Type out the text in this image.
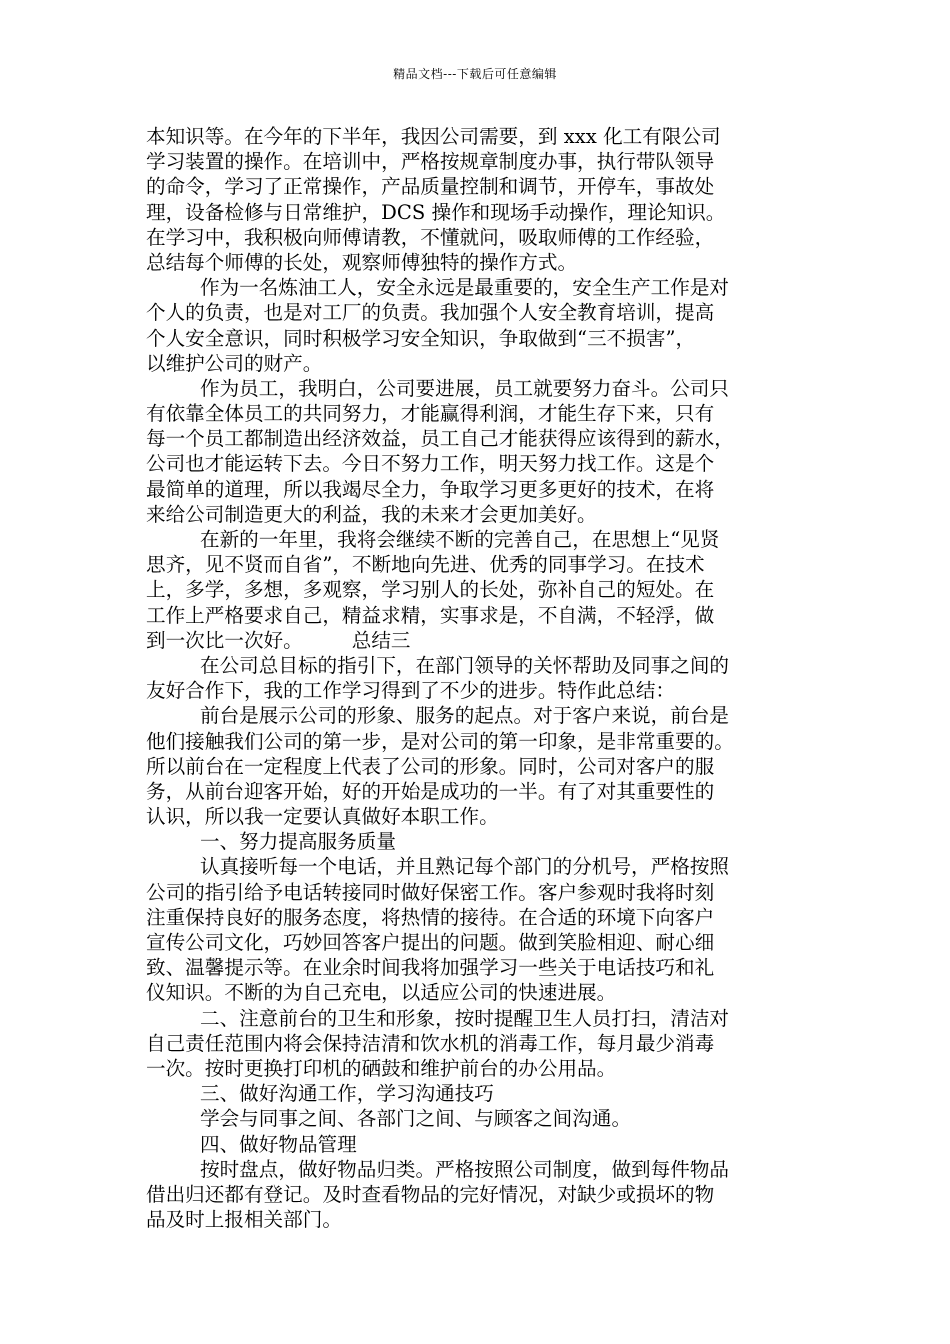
精品文档---下载后可任意编辑
本知识等。在今年的下半年，我因公司需要，到 xxx 化工有限公司
学习装置的操作。在培训中，严格按规章制度办事，执行带队领导
的命令，学习了正常操作，产品质量控制和调节，开停车，事故处
理，设备检修与日常维护，DCS 操作和现场手动操作，理论知识。
在学习中，我积极向师傅请教，不懂就问，吸取师傅的工作经验，
总结每个师傅的长处，观察师傅独特的操作方式。
作为一名炼油工人，安全永远是最重要的，安全生产工作是对
个人的负责，也是对工厂的负责。我加强个人安全教育培训，提高
个人安全意识，同时积极学习安全知识，争取做到“三不损害”，
以维护公司的财产。
作为员工，我明白，公司要进展，员工就要努力奋斗。公司只
有依靠全体员工的共同努力，才能赢得利润，才能生存下来，只有
每一个员工都制造出经济效益，员工自己才能获得应该得到的薪水，
公司也才能运转下去。今日不努力工作，明天努力找工作。这是个
最简单的道理，所以我竭尽全力，争取学习更多更好的技术，在将
来给公司制造更大的利益，我的未来才会更加美好。
在新的一年里，我将会继续不断的完善自己，在思想上“见贤
思齐，见不贤而自省”，不断地向先进、优秀的同事学习。在技术
上，多学，多想，多观察，学习别人的长处，弥补自己的短处。在
工作上严格要求自己，精益求精，实事求是，不自满，不轻浮，做
到一次比一次好。　　　总结三
在公司总目标的指引下，在部门领导的关怀帮助及同事之间的
友好合作下，我的工作学习得到了不少的进步。特作此总结：
前台是展示公司的形象、服务的起点。对于客户来说，前台是
他们接触我们公司的第一步，是对公司的第一印象，是非常重要的。
所以前台在一定程度上代表了公司的形象。同时，公司对客户的服
务，从前台迎客开始，好的开始是成功的一半。有了对其重要性的
认识，所以我一定要认真做好本职工作。
一、努力提高服务质量
认真接听每一个电话，并且熟记每个部门的分机号，严格按照
公司的指引给予电话转接同时做好保密工作。客户参观时我将时刻
注重保持良好的服务态度，将热情的接待。在合适的环境下向客户
宣传公司文化，巧妙回答客户提出的问题。做到笑脸相迎、耐心细
致、温馨提示等。在业余时间我将加强学习一些关于电话技巧和礼
仪知识。不断的为自己充电，以适应公司的快速进展。
二、注意前台的卫生和形象，按时提醒卫生人员打扫，清洁对
自己责任范围内将会保持洁清和饮水机的消毒工作，每月最少消毒
一次。按时更换打印机的硒鼓和维护前台的办公用品。
三、做好沟通工作，学习沟通技巧
学会与同事之间、各部门之间、与顾客之间沟通。
四、做好物品管理
按时盘点，做好物品归类。严格按照公司制度，做到每件物品
借出归还都有登记。及时查看物品的完好情况，对缺少或损坏的物
品及时上报相关部门。
